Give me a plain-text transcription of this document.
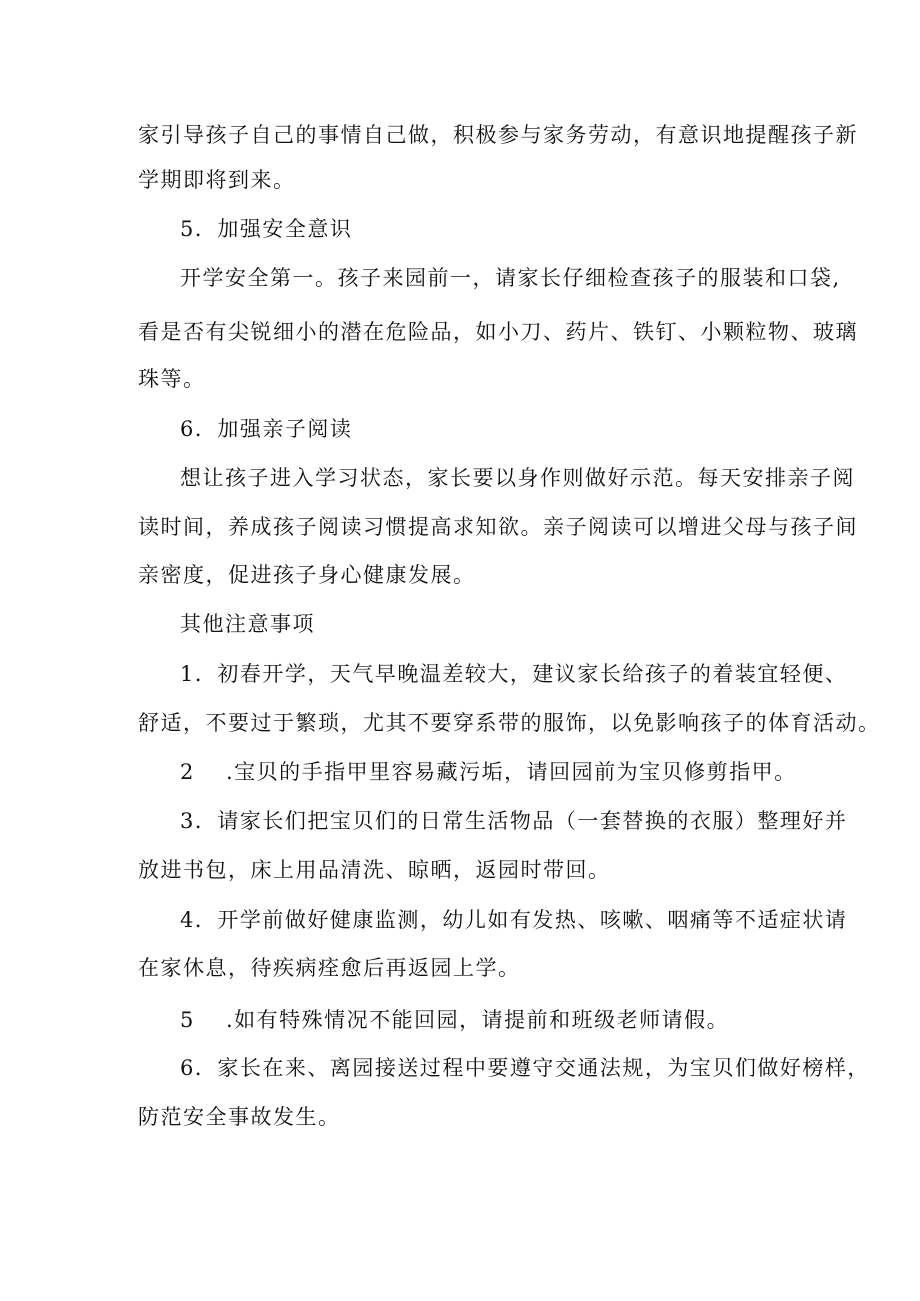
家引导孩子自己的事情自己做，积极参与家务劳动，有意识地提醒孩子新
学期即将到来。
5．加强安全意识
开学安全第一。孩子来园前一，请家长仔细检查孩子的服装和口袋,
看是否有尖锐细小的潜在危险品，如小刀、药片、铁钉、小颗粒物、玻璃
珠等。
6．加强亲子阅读
想让孩子进入学习状态，家长要以身作则做好示范。每天安排亲子阅
读时间，养成孩子阅读习惯提高求知欲。亲子阅读可以增进父母与孩子间
亲密度，促进孩子身心健康发展。
其他注意事项
1．初春开学，天气早晚温差较大，建议家长给孩子的着装宜轻便、
舒适，不要过于繁琐，尤其不要穿系带的服饰，以免影响孩子的体育活动。
2 .宝贝的手指甲里容易藏污垢，请回园前为宝贝修剪指甲。
3．请家长们把宝贝们的日常生活物品（一套替换的衣服）整理好并
放进书包，床上用品清洗、晾晒，返园时带回。
4．开学前做好健康监测，幼儿如有发热、咳嗽、咽痛等不适症状请
在家休息，待疾病痊愈后再返园上学。
5 .如有特殊情况不能回园，请提前和班级老师请假。
6．家长在来、离园接送过程中要遵守交通法规，为宝贝们做好榜样，
防范安全事故发生。
